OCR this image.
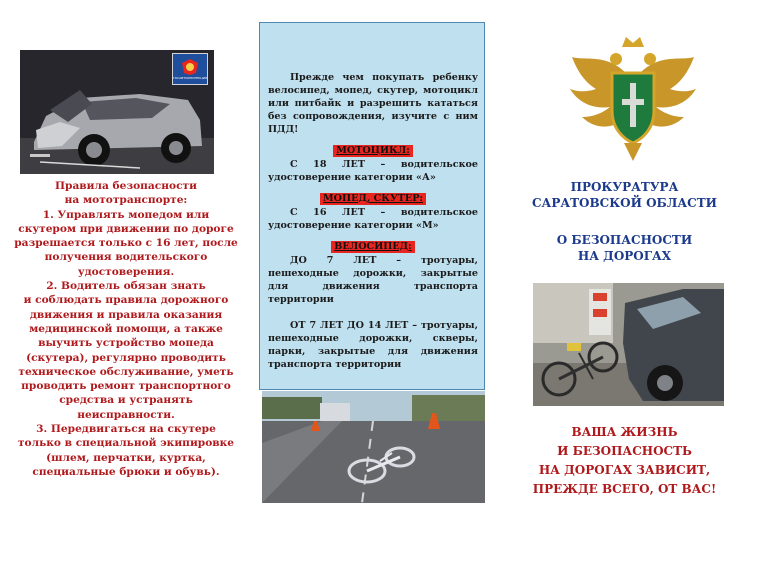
ГОСАВТОИНСПЕКЦИЯ
Правила безопасности
на мототранспорте:
1. Управлять мопедом или
скутером при движении по дороге
разрешается только с 16 лет, после
получения водительского
удостоверения.
2. Водитель обязан знать
и соблюдать правила дорожного
движения и правила оказания
медицинской помощи, а также
выучить устройство мопеда
(скутера), регулярно проводить
техническое обслуживание, уметь
проводить ремонт транспортного
средства и устранять
неисправности.
3. Передвигаться на скутере
только в специальной экипировке
(шлем, перчатки, куртка,
специальные брюки и обувь).

Прежде чем покупать ребенку велосипед, мопед, скутер, мотоцикл или питбайк и разрешить кататься без сопровождения, изучите с ним ПДД!

МОТОЦИКЛ:

С 18 ЛЕТ – водительское удостоверение категории «А»

МОПЕД, СКУТЕР:

С 16 ЛЕТ – водительское удостоверение категории «М»

ВЕЛОСИПЕД:

ДО 7 ЛЕТ – тротуары, пешеходные дорожки, закрытые для движения транспорта территории

ОТ 7 ЛЕТ ДО 14 ЛЕТ – тротуары, пешеходные дорожки, скверы, парки, закрытые для движения транспорта территории

ПРОКУРАТУРА
САРАТОВСКОЙ ОБЛАСТИ
О БЕЗОПАСНОСТИ
НА ДОРОГАХ
ВАША ЖИЗНЬ
И БЕЗОПАСНОСТЬ
НА ДОРОГАХ ЗАВИСИТ,
ПРЕЖДЕ ВСЕГО, ОТ ВАС!
